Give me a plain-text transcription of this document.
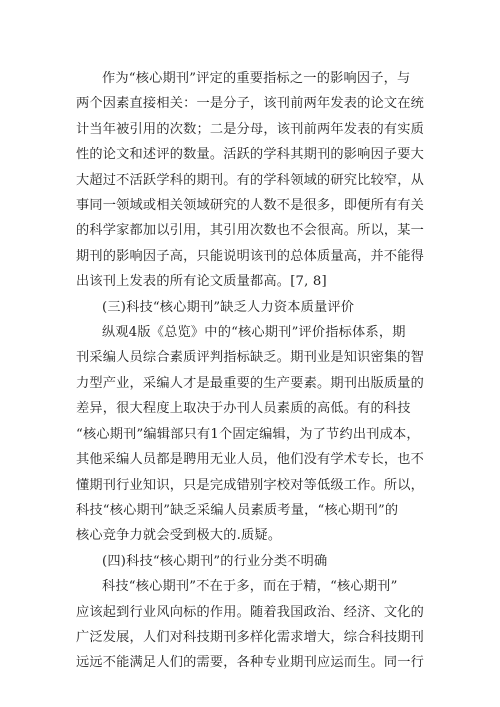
作为“核心期刊”评定的重要指标之一的影响因子，与
两个因素直接相关：一是分子，该刊前两年发表的论文在统
计当年被引用的次数；二是分母，该刊前两年发表的有实质
性的论文和述评的数量。活跃的学科其期刊的影响因子要大
大超过不活跃学科的期刊。有的学科领域的研究比较窄，从
事同一领域或相关领域研究的人数不是很多，即便所有有关
的科学家都加以引用，其引用次数也不会很高。所以，某一
期刊的影响因子高，只能说明该刊的总体质量高，并不能得
出该刊上发表的所有论文质量都高。[7, 8]
(三)科技“核心期刊”缺乏人力资本质量评价
纵观4版《总览》中的“核心期刊”评价指标体系，期
刊采编人员综合素质评判指标缺乏。期刊业是知识密集的智
力型产业，采编人才是最重要的生产要素。期刊出版质量的
差异，很大程度上取决于办刊人员素质的高低。有的科技
“核心期刊”编辑部只有1个固定编辑，为了节约出刊成本，
其他采编人员都是聘用无业人员，他们没有学术专长，也不
懂期刊行业知识，只是完成错别字校对等低级工作。所以，
科技“核心期刊”缺乏采编人员素质考量，“核心期刊”的
核心竞争力就会受到极大的.质疑。
(四)科技“核心期刊”的行业分类不明确
科技“核心期刊”不在于多，而在于精，“核心期刊”
应该起到行业风向标的作用。随着我国政治、经济、文化的
广泛发展，人们对科技期刊多样化需求增大，综合科技期刊
远远不能满足人们的需要，各种专业期刊应运而生。同一行
